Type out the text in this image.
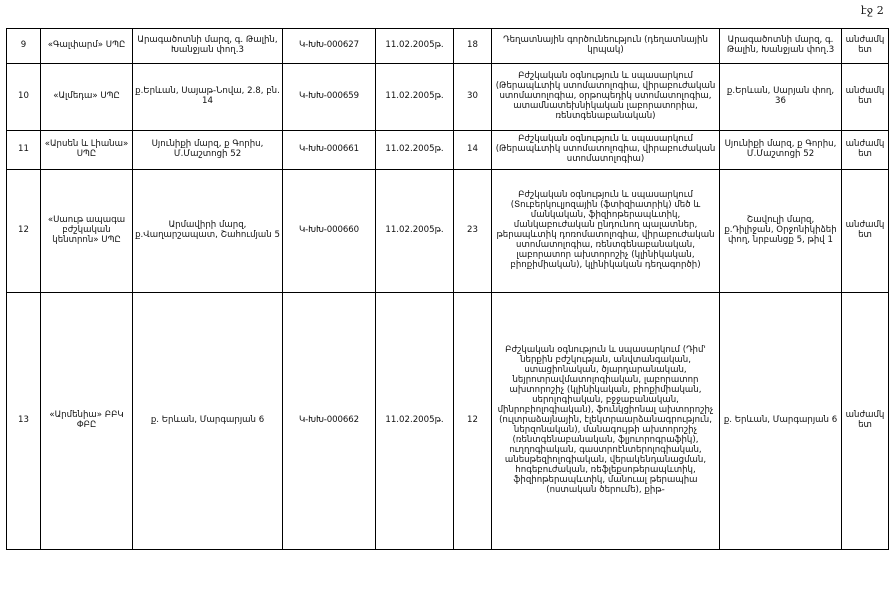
էջ 2
9	«Գալփարմ» ՍՊԸ	Արագածոտնի մարզ, գ. Թալին, Խանջյան փող.3	Կ-ԽԽ-000627	11.02.2005թ.	18	Դեղատնային գործունեություն (դեղատնային կրպակ)	Արագածոտնի մարզ, գ. Թալին, Խանջյան փող.3	անժամկետ
10	«Ալմեդա» ՍՊԸ	ք.Երևան, Սայաթ-Նովա, 2.8, բն. 14	Կ-ԽԽ-000659	11.02.2005թ.	30	Բժշկական օգնություն և սպասարկում (Թերապևտիկ ստոմատոլոգիա, վիրաբուժական ստոմատոլոգիա, օրթոպեդիկ ստոմատոլոգիա, ատամնատեխնիկական լաբորատորիա, ռենտգենաբանական)	ք.Երևան, Սարյան փող, 36	անժամկետ
11	«Արսեն և Լիանա» ՍՊԸ	Սյունիքի մարզ, ք Գորիս, Մ.Մաշտոցի 52	Կ-ԽԽ-000661	11.02.2005թ.	14	Բժշկական օգնություն և սպասարկում (Թերապևտիկ ստոմատոլոգիա, վիրաբուժական ստոմատոլոգիա)	Սյունիքի մարզ, ք Գորիս, Մ.Մաշտոցի 52	անժամկետ
12	«Սաութ ապագա բժշկական կենտրոն» ՍՊԸ	Արմավիրի մարզ, ք.Վաղարշապատ, Շահումյան 5	Կ-ԽԽ-000660	11.02.2005թ.	23	Բժշկական օգնություն և սպասարկում (Տուբերկուլյոզային (ֆտիզիատրիկ) մեծ և մանկական, ֆիզիոթերապևտիկ, մանկաբուժական ընդունող պալատներ, թերապևտիկ դոռոմատոլոգիա, վիրաբուժական ստոմատոլոգիա, ռենտգենաբանական, լաբորատոր ախտորոշիչ (կլինիկական, բիոքիմիական), կլինիկական դեղագործի)	Շավուլի մարզ, ք.Դիլիջան, Օրջոնիկիձեի փող, նրբանցք 5, թիվ 1	անժամկետ
13	«Արմենիա» ԲԲԿ ՓԲԸ	ք. Երևան, Մարգարյան 6	Կ-ԽԽ-000662	11.02.2005թ.	12	Բժշկական օգնություն և սպասարկում (Դիմ' ներքին բժշկության, անվտանգական, ստացիոնական, ծյարդարանական, նեյրոտրավմատոլոգիական, լաբորատոր ախտորոշիչ (կլինիկական, բիոքիմիական, սերոլոգիական, բջջաբանական, մինրոբիոլոգիական), ֆունկցիոնալ ախտորոշիչ (ուլտրաձայնային, էլեկտրաարձանագրություն, ներզոնական), մանագույթի ախտորոշիչ (ռենտգենաբանական, ֆլյուորոգրաֆիկ), ուղղոգիական, գաստրոէնտերոլոգիական, անեսթեզիոլոգիական, վերակենդանացման, հոգեբուժական, ռեֆլեքսոթերապևտիկ, ֆիզիոթերապևտիկ, մանուալ թերապիա (ոստական ծերումե), քիթ-	ք. Երևան, Մարգարյան 6	անժամկետ
